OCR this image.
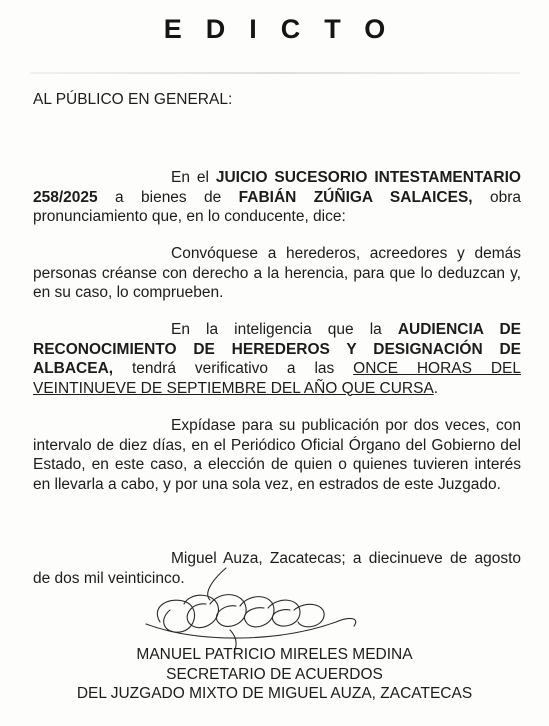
EDICTO
AL PÚBLICO EN GENERAL:
En el JUICIO SUCESORIO INTESTAMENTARIO 258/2025 a bienes de FABIÁN ZÚÑIGA SALAICES, obra pronunciamiento que, en lo conducente, dice:
Convóquese a herederos, acreedores y demás personas créanse con derecho a la herencia, para que lo deduzcan y, en su caso, lo comprueben.
En la inteligencia que la AUDIENCIA DE RECONOCIMIENTO DE HEREDEROS Y DESIGNACIÓN DE ALBACEA, tendrá verificativo a las ONCE HORAS DEL VEINTINUEVE DE SEPTIEMBRE DEL AÑO QUE CURSA.
Expídase para su publicación por dos veces, con intervalo de diez días, en el Periódico Oficial Órgano del Gobierno del Estado, en este caso, a elección de quien o quienes tuvieren interés en llevarla a cabo, y por una sola vez, en estrados de este Juzgado.
Miguel Auza, Zacatecas; a diecinueve de agosto de dos mil veinticinco.
MANUEL PATRICIO MIRELES MEDINA
SECRETARIO DE ACUERDOS
DEL JUZGADO MIXTO DE MIGUEL AUZA, ZACATECAS
